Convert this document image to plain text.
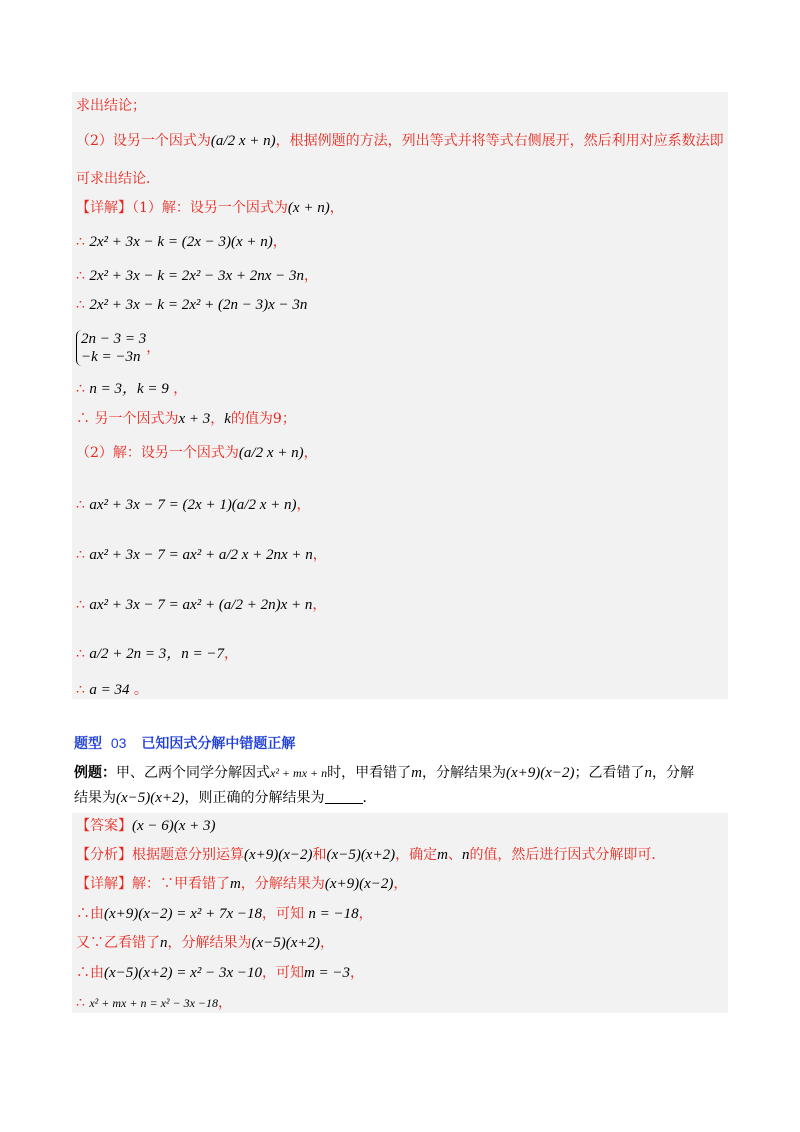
求出结论；
（2）设另一个因式为(a/2 x + n)，根据例题的方法，列出等式并将等式右侧展开，然后利用对应系数法即
可求出结论．
【详解】（1）解：设另一个因式为(x + n)，
∴ 2x² + 3x − k = (2x − 3)(x + n)，
∴ 2x² + 3x − k = 2x² − 3x + 2nx − 3n，
∴ 2x² + 3x − k = 2x² + (2n − 3)x − 3n
2n − 3 = 3
−k = −3n
，
∴ n = 3，k = 9 ，
∴ 另一个因式为x + 3，k的值为9；
（2）解：设另一个因式为(a/2 x + n)，
∴ ax² + 3x − 7 = (2x + 1)(a/2 x + n)，
∴ ax² + 3x − 7 = ax² + a/2 x + 2nx + n，
∴ ax² + 3x − 7 = ax² + (a/2 + 2n)x + n，
∴ a/2 + 2n = 3，n = −7，
∴ a = 34 。
题型 03 已知因式分解中错题正解
例题：甲、乙两个同学分解因式x² + mx + n时，甲看错了m，分解结果为(x+9)(x−2)；乙看错了n，分解
结果为(x−5)(x+2)，则正确的分解结果为	．
【答案】(x − 6)(x + 3)
【分析】根据题意分别运算(x+9)(x−2)和(x−5)(x+2)，确定m、n的值，然后进行因式分解即可．
【详解】解：∵甲看错了m，分解结果为(x+9)(x−2)，
∴由(x+9)(x−2) = x² + 7x −18，可知 n = −18，
又∵乙看错了n，分解结果为(x−5)(x+2)，
∴由(x−5)(x+2) = x² − 3x −10，可知m = −3，
∴ x² + mx + n = x² − 3x −18，
